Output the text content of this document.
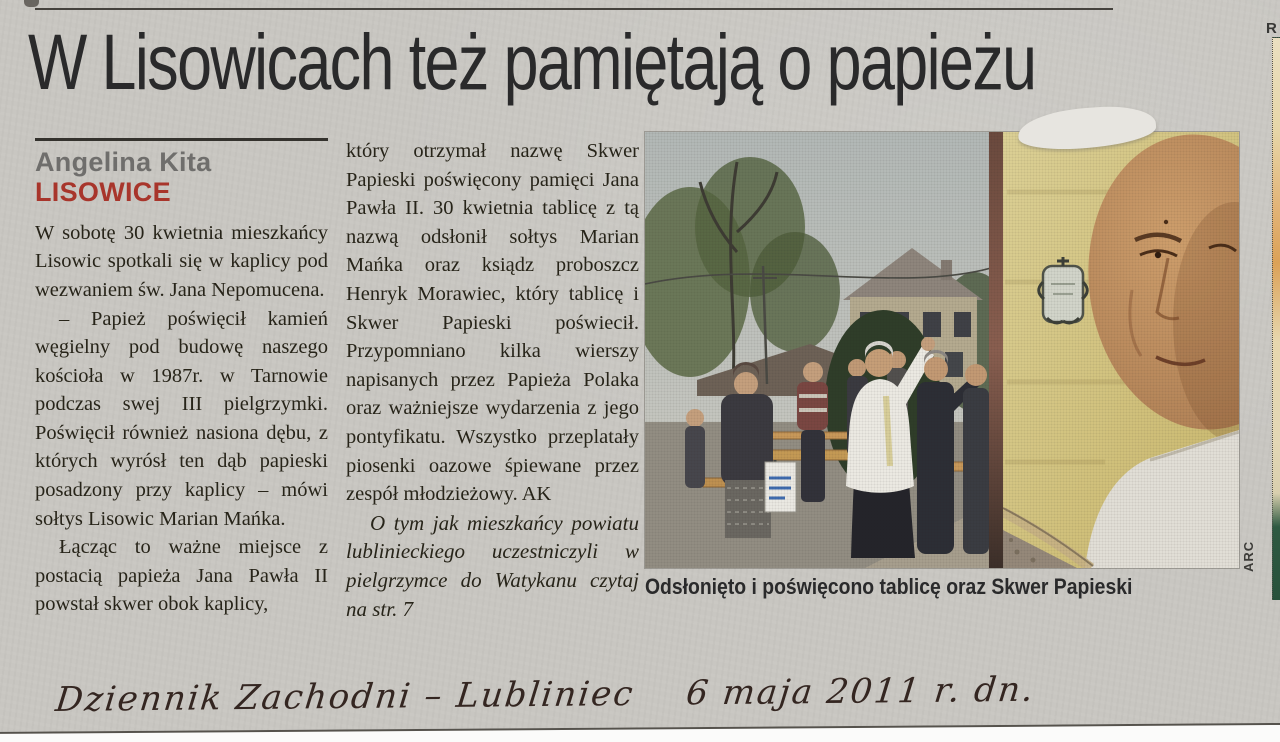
W Lisowicach też pamiętają o papieżu
Angelina Kita
LISOWICE

W sobotę 30 kwietnia mieszkańcy Lisowic spotkali się w kaplicy pod wezwaniem św. Jana Nepomucena.

– Papież poświęcił kamień węgielny pod budowę naszego kościoła w 1987r. w Tarnowie podczas swej III pielgrzymki. Poświęcił również nasiona dębu, z których wyrósł ten dąb papieski posadzony przy kaplicy – mówi sołtys Lisowic Marian Mańka.

Łącząc to ważne miejsce z postacią papieża Jana Pawła II powstał skwer obok kaplicy,

który otrzymał nazwę Skwer Papieski poświęcony pamięci Jana Pawła II. 30 kwietnia tablicę z tą nazwą odsłonił sołtys Marian Mańka oraz ksiądz proboszcz Henryk Morawiec, który tablicę i Skwer Papieski poświecił. Przypomniano kilka wierszy napisanych przez Papieża Polaka oraz ważniejsze wydarzenia z jego pontyfikatu. Wszystko przeplatały piosenki oazowe śpiewane przez zespół młodzieżowy. AK

O tym jak mieszkańcy powiatu lublinieckiego uczestniczyli w pielgrzymce do Watykanu czytaj na str. 7

Odsłonięto i poświęcono tablicę oraz Skwer Papieski
ARC
R
Dziennik Zachodni – Lubliniec 6 maja 2011 r. dn.
